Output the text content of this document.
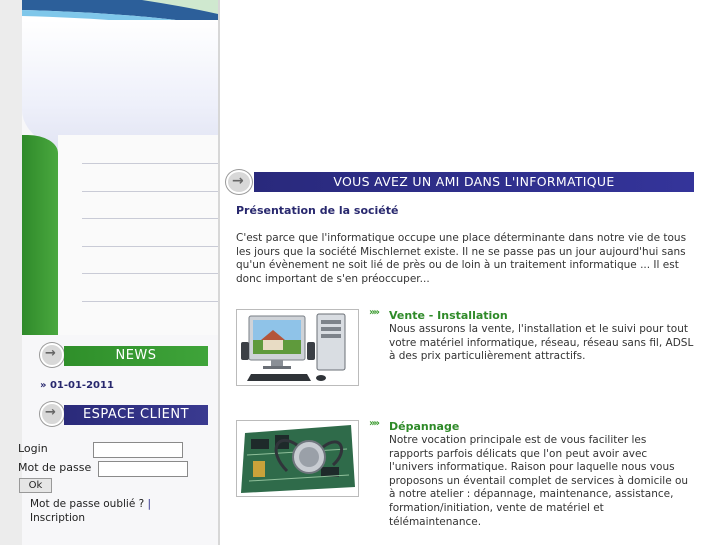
→
NEWS
» 01-01-2011
→
ESPACE CLIENT
Login
Mot de passe
Ok
Mot de passe oublié ? |
Inscription
→
VOUS AVEZ UN AMI DANS L'INFORMATIQUE
Présentation de la société
C'est parce que l'informatique occupe une place déterminante dans notre vie de tous les jours que la société Mischlernet existe. Il ne se passe pas un jour aujourd'hui sans qu'un évènement ne soit lié de près ou de loin à un traitement informatique ... Il est donc important de s'en préoccuper...
»» Vente - Installation
Nous assurons la vente, l'installation et le suivi pour tout votre matériel informatique, réseau, réseau sans fil, ADSL à des prix particulièrement attractifs.
»» Dépannage
Notre vocation principale est de vous faciliter les rapports parfois délicats que l'on peut avoir avec l'univers informatique. Raison pour laquelle nous vous proposons un éventail complet de services à domicile ou à notre atelier : dépannage, maintenance, assistance, formation/initiation, vente de matériel et télémaintenance.
